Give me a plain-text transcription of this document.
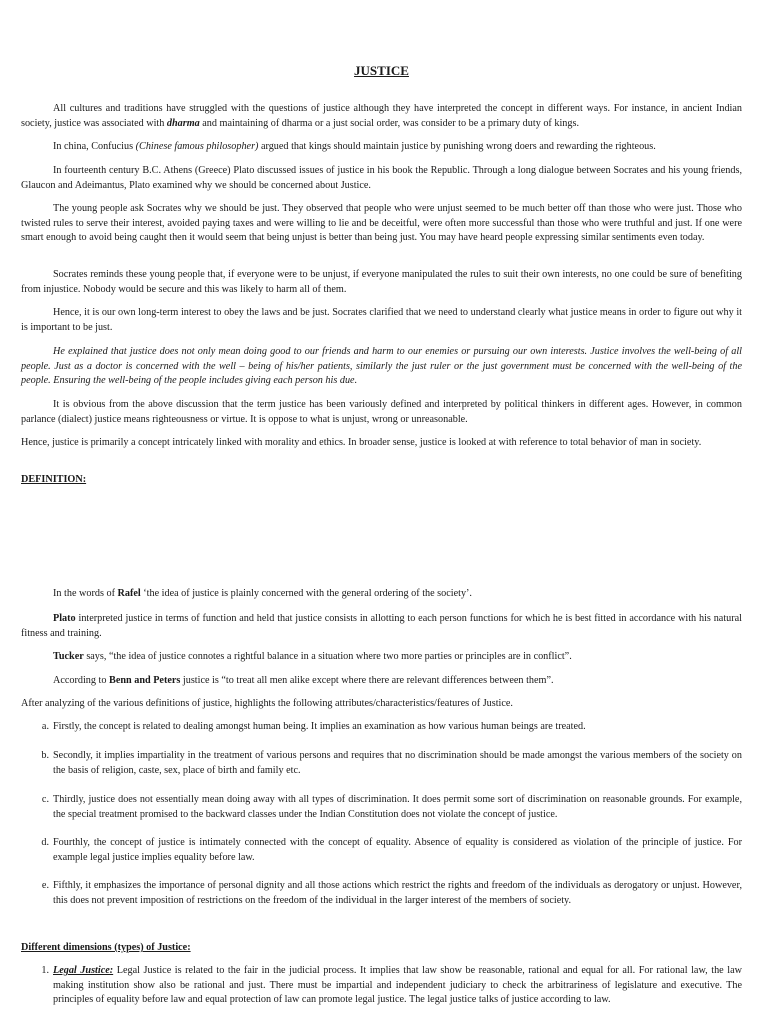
JUSTICE

All cultures and traditions have struggled with the questions of justice although they have interpreted the concept in different ways. For instance, in ancient Indian society, justice was associated with dharma and maintaining of dharma or a just social order, was consider to be a primary duty of kings.

In china, Confucius (Chinese famous philosopher) argued that kings should maintain justice by punishing wrong doers and rewarding the righteous.

In fourteenth century B.C. Athens (Greece) Plato discussed issues of justice in his book the Republic. Through a long dialogue between Socrates and his young friends, Glaucon and Adeimantus, Plato examined why we should be concerned about Justice.

The young people ask Socrates why we should be just. They observed that people who were unjust seemed to be much better off than those who were just. Those who twisted rules to serve their interest, avoided paying taxes and were willing to lie and be deceitful, were often more successful than those who were truthful and just. If one were smart enough to avoid being caught then it would seem that being unjust is better than being just. You may have heard people expressing similar sentiments even today.

Socrates reminds these young people that, if everyone were to be unjust, if everyone manipulated the rules to suit their own interests, no one could be sure of benefiting from injustice. Nobody would be secure and this was likely to harm all of them.

Hence, it is our own long-term interest to obey the laws and be just. Socrates clarified that we need to understand clearly what justice means in order to figure out why it is important to be just.

He explained that justice does not only mean doing good to our friends and harm to our enemies or pursuing our own interests. Justice involves the well-being of all people. Just as a doctor is concerned with the well – being of his/her patients, similarly the just ruler or the just government must be concerned with the well-being of the people. Ensuring the well-being of the people includes giving each person his due.

It is obvious from the above discussion that the term justice has been variously defined and interpreted by political thinkers in different ages. However, in common parlance (dialect) justice means righteousness or virtue. It is oppose to what is unjust, wrong or unreasonable.

Hence, justice is primarily a concept intricately linked with morality and ethics. In broader sense, justice is looked at with reference to total behavior of man in society.

DEFINITION:

In the words of Rafel ‘the idea of justice is plainly concerned with the general ordering of the society’.

Plato interpreted justice in terms of function and held that justice consists in allotting to each person functions for which he is best fitted in accordance with his natural fitness and training.

Tucker says, “the idea of justice connotes a rightful balance in a situation where two more parties or principles are in conflict”.

According to Benn and Peters justice is “to treat all men alike except where there are relevant differences between them”.

After analyzing of the various definitions of justice, highlights the following attributes/characteristics/features of Justice.

a. Firstly, the concept is related to dealing amongst human being. It implies an examination as how various human beings are treated.

b. Secondly, it implies impartiality in the treatment of various persons and requires that no discrimination should be made amongst the various members of the society on the basis of religion, caste, sex, place of birth and family etc.

c. Thirdly, justice does not essentially mean doing away with all types of discrimination. It does permit some sort of discrimination on reasonable grounds. For example, the special treatment promised to the backward classes under the Indian Constitution does not violate the concept of justice.

d. Fourthly, the concept of justice is intimately connected with the concept of equality. Absence of equality is considered as violation of the principle of justice. For example legal justice implies equality before law.

e. Fifthly, it emphasizes the importance of personal dignity and all those actions which restrict the rights and freedom of the individuals as derogatory or unjust. However, this does not prevent imposition of restrictions on the freedom of the individual in the larger interest of the members of society.

Different dimensions (types) of Justice:

1. Legal Justice: Legal Justice is related to the fair in the judicial process. It implies that law show be reasonable, rational and equal for all. For rational law, the law making institution show also be rational and just. There must be impartial and independent judiciary to check the arbitrariness of legislature and executive. The principles of equality before law and equal protection of law can promote legal justice. The legal justice talks of justice according to law.
